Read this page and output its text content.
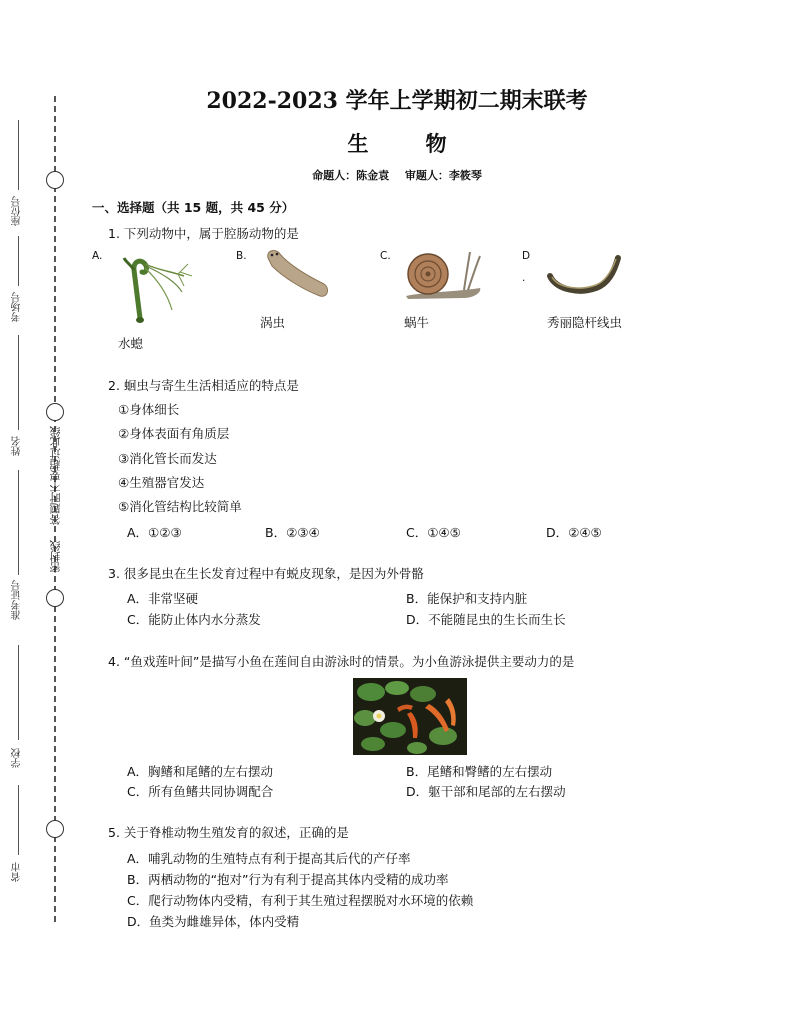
座位号
考场号
姓名
准考证号
学校
省市
答题时不要超过此线
密封线
2022-2023 学年上学期初二期末联考
生　物
命题人：陈金袁 审题人：李筱琴
一、选择题（共 15 题，共 45 分）
1. 下列动物中，属于腔肠动物的是
A.
水螅
B.
涡虫
C.
蜗牛
D
.
秀丽隐杆线虫
2. 蛔虫与寄生生活相适应的特点是
①身体细长
②身体表面有角质层
③消化管长而发达
④生殖器官发达
⑤消化管结构比较简单
A．①②③	B．②③④	C．①④⑤	D．②④⑤
3. 很多昆虫在生长发育过程中有蜕皮现象，是因为外骨骼
A．非常坚硬	B．能保护和支持内脏
C．能防止体内水分蒸发	D．不能随昆虫的生长而生长
4. “鱼戏莲叶间”是描写小鱼在莲间自由游泳时的情景。为小鱼游泳提供主要动力的是
A．胸鳍和尾鳍的左右摆动	B．尾鳍和臀鳍的左右摆动
C．所有鱼鳍共同协调配合	D．躯干部和尾部的左右摆动
5. 关于脊椎动物生殖发育的叙述，正确的是
A．哺乳动物的生殖特点有利于提高其后代的产仔率
B．两栖动物的“抱对”行为有利于提高其体内受精的成功率
C．爬行动物体内受精，有利于其生殖过程摆脱对水环境的依赖
D．鱼类为雌雄异体，体内受精
